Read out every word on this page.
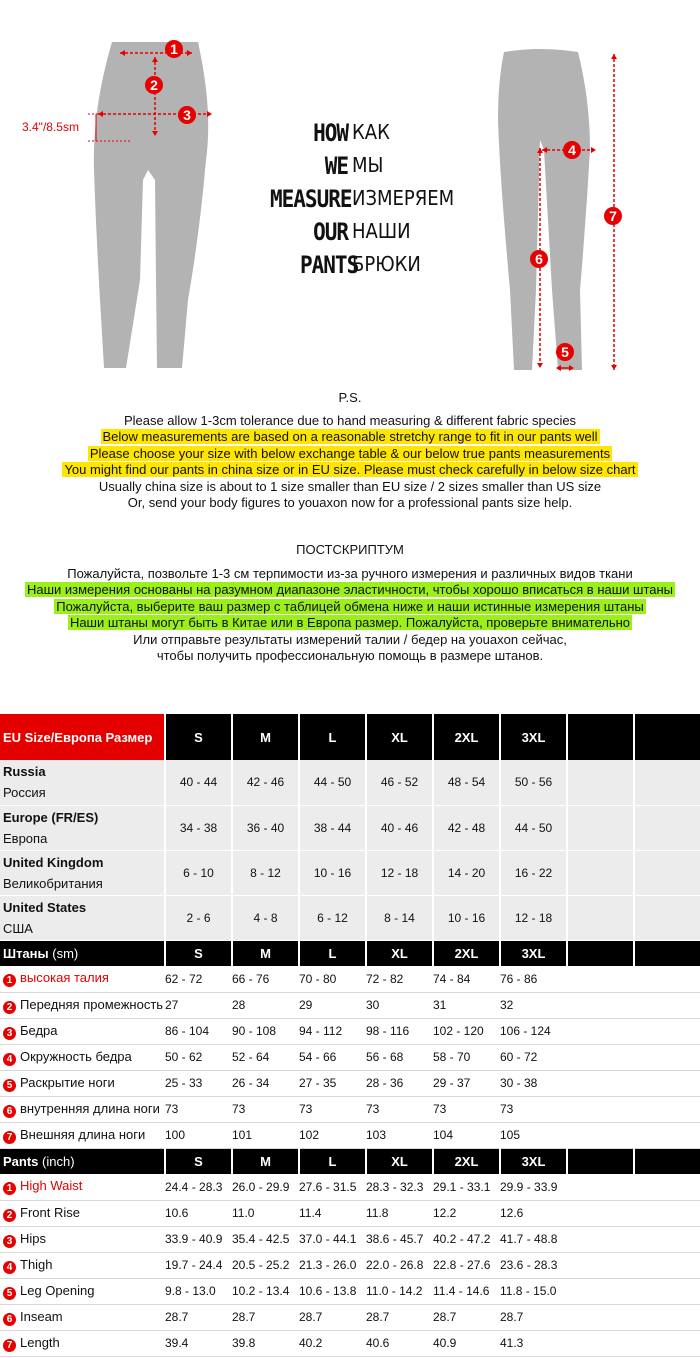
1
2
3
3.4"/8.5sm
4
5
6
7
HOW КАК
WE МЫ
MEASURE ИЗМЕРЯЕМ
OUR НАШИ
PANTS
БРЮКИ
P.S.
Please allow 1-3cm tolerance due to hand measuring & different fabric species
Below measurements are based on a reasonable stretchy range to fit in our pants well
Please choose your size with below exchange table & our below true pants measurements
You might find our pants in china size or in EU size. Please must check carefully in below size chart
Usually china size is about to 1 size smaller than EU size / 2 sizes smaller than US size
Or, send your body figures to youaxon now for a professional pants size help.
ПОСТСКРИПТУМ
Пожалуйста, позвольте 1-3 см терпимости из-за ручного измерения и различных видов ткани
Наши измерения основаны на разумном диапазоне эластичности, чтобы хорошо вписаться в наши штаны
Пожалуйста, выберите ваш размер с таблицей обмена ниже и наши истинные измерения штаны
Наши штаны могут быть в Китае или в Европа размер. Пожалуйста, проверьте внимательно
Или отправьте результаты измерений талии / бедер на youaxon сейчас,
чтобы получить профессиональную помощь в размере штанов.
EU Size/Европа Размер	S	M	L	XL	2XL	3XL		

Russia
Россия	40 - 44	42 - 46	44 - 50	46 - 52	48 - 54	50 - 56		

Europe (FR/ES)
Европа	34 - 38	36 - 40	38 - 44	40 - 46	42 - 48	44 - 50		

United Kingdom
Великобритания	6 - 10	8 - 12	10 - 16	12 - 18	14 - 20	16 - 22		

United States
США	2 - 6	4 - 8	6 - 12	8 - 14	10 - 16	12 - 18		
Штаны (sm)	S	M	L	XL	2XL	3XL		
1 высокая талия	62 - 72	66 - 76	70 - 80	72 - 82	74 - 84	76 - 86		
2 Передняя промежность	27	28	29	30	31	32		
3 Бедра	86 - 104	90 - 108	94 - 112	98 - 116	102 - 120	106 - 124		
4 Окружность бедра	50 - 62	52 - 64	54 - 66	56 - 68	58 - 70	60 - 72		
5 Раскрытие ноги	25 - 33	26 - 34	27 - 35	28 - 36	29 - 37	30 - 38		
6 внутренняя длина ноги	73	73	73	73	73	73		
7 Внешняя длина ноги	100	101	102	103	104	105		
Pants (inch)	S	M	L	XL	2XL	3XL		
1 High Waist	24.4 - 28.3	26.0 - 29.9	27.6 - 31.5	28.3 - 32.3	29.1 - 33.1	29.9 - 33.9		
2 Front Rise	10.6	11.0	11.4	11.8	12.2	12.6		
3 Hips	33.9 - 40.9	35.4 - 42.5	37.0 - 44.1	38.6 - 45.7	40.2 - 47.2	41.7 - 48.8		
4 Thigh	19.7 - 24.4	20.5 - 25.2	21.3 - 26.0	22.0 - 26.8	22.8 - 27.6	23.6 - 28.3		
5 Leg Opening	9.8 - 13.0	10.2 - 13.4	10.6 - 13.8	11.0 - 14.2	11.4 - 14.6	11.8 - 15.0		
6 Inseam	28.7	28.7	28.7	28.7	28.7	28.7		
7 Length	39.4	39.8	40.2	40.6	40.9	41.3		
